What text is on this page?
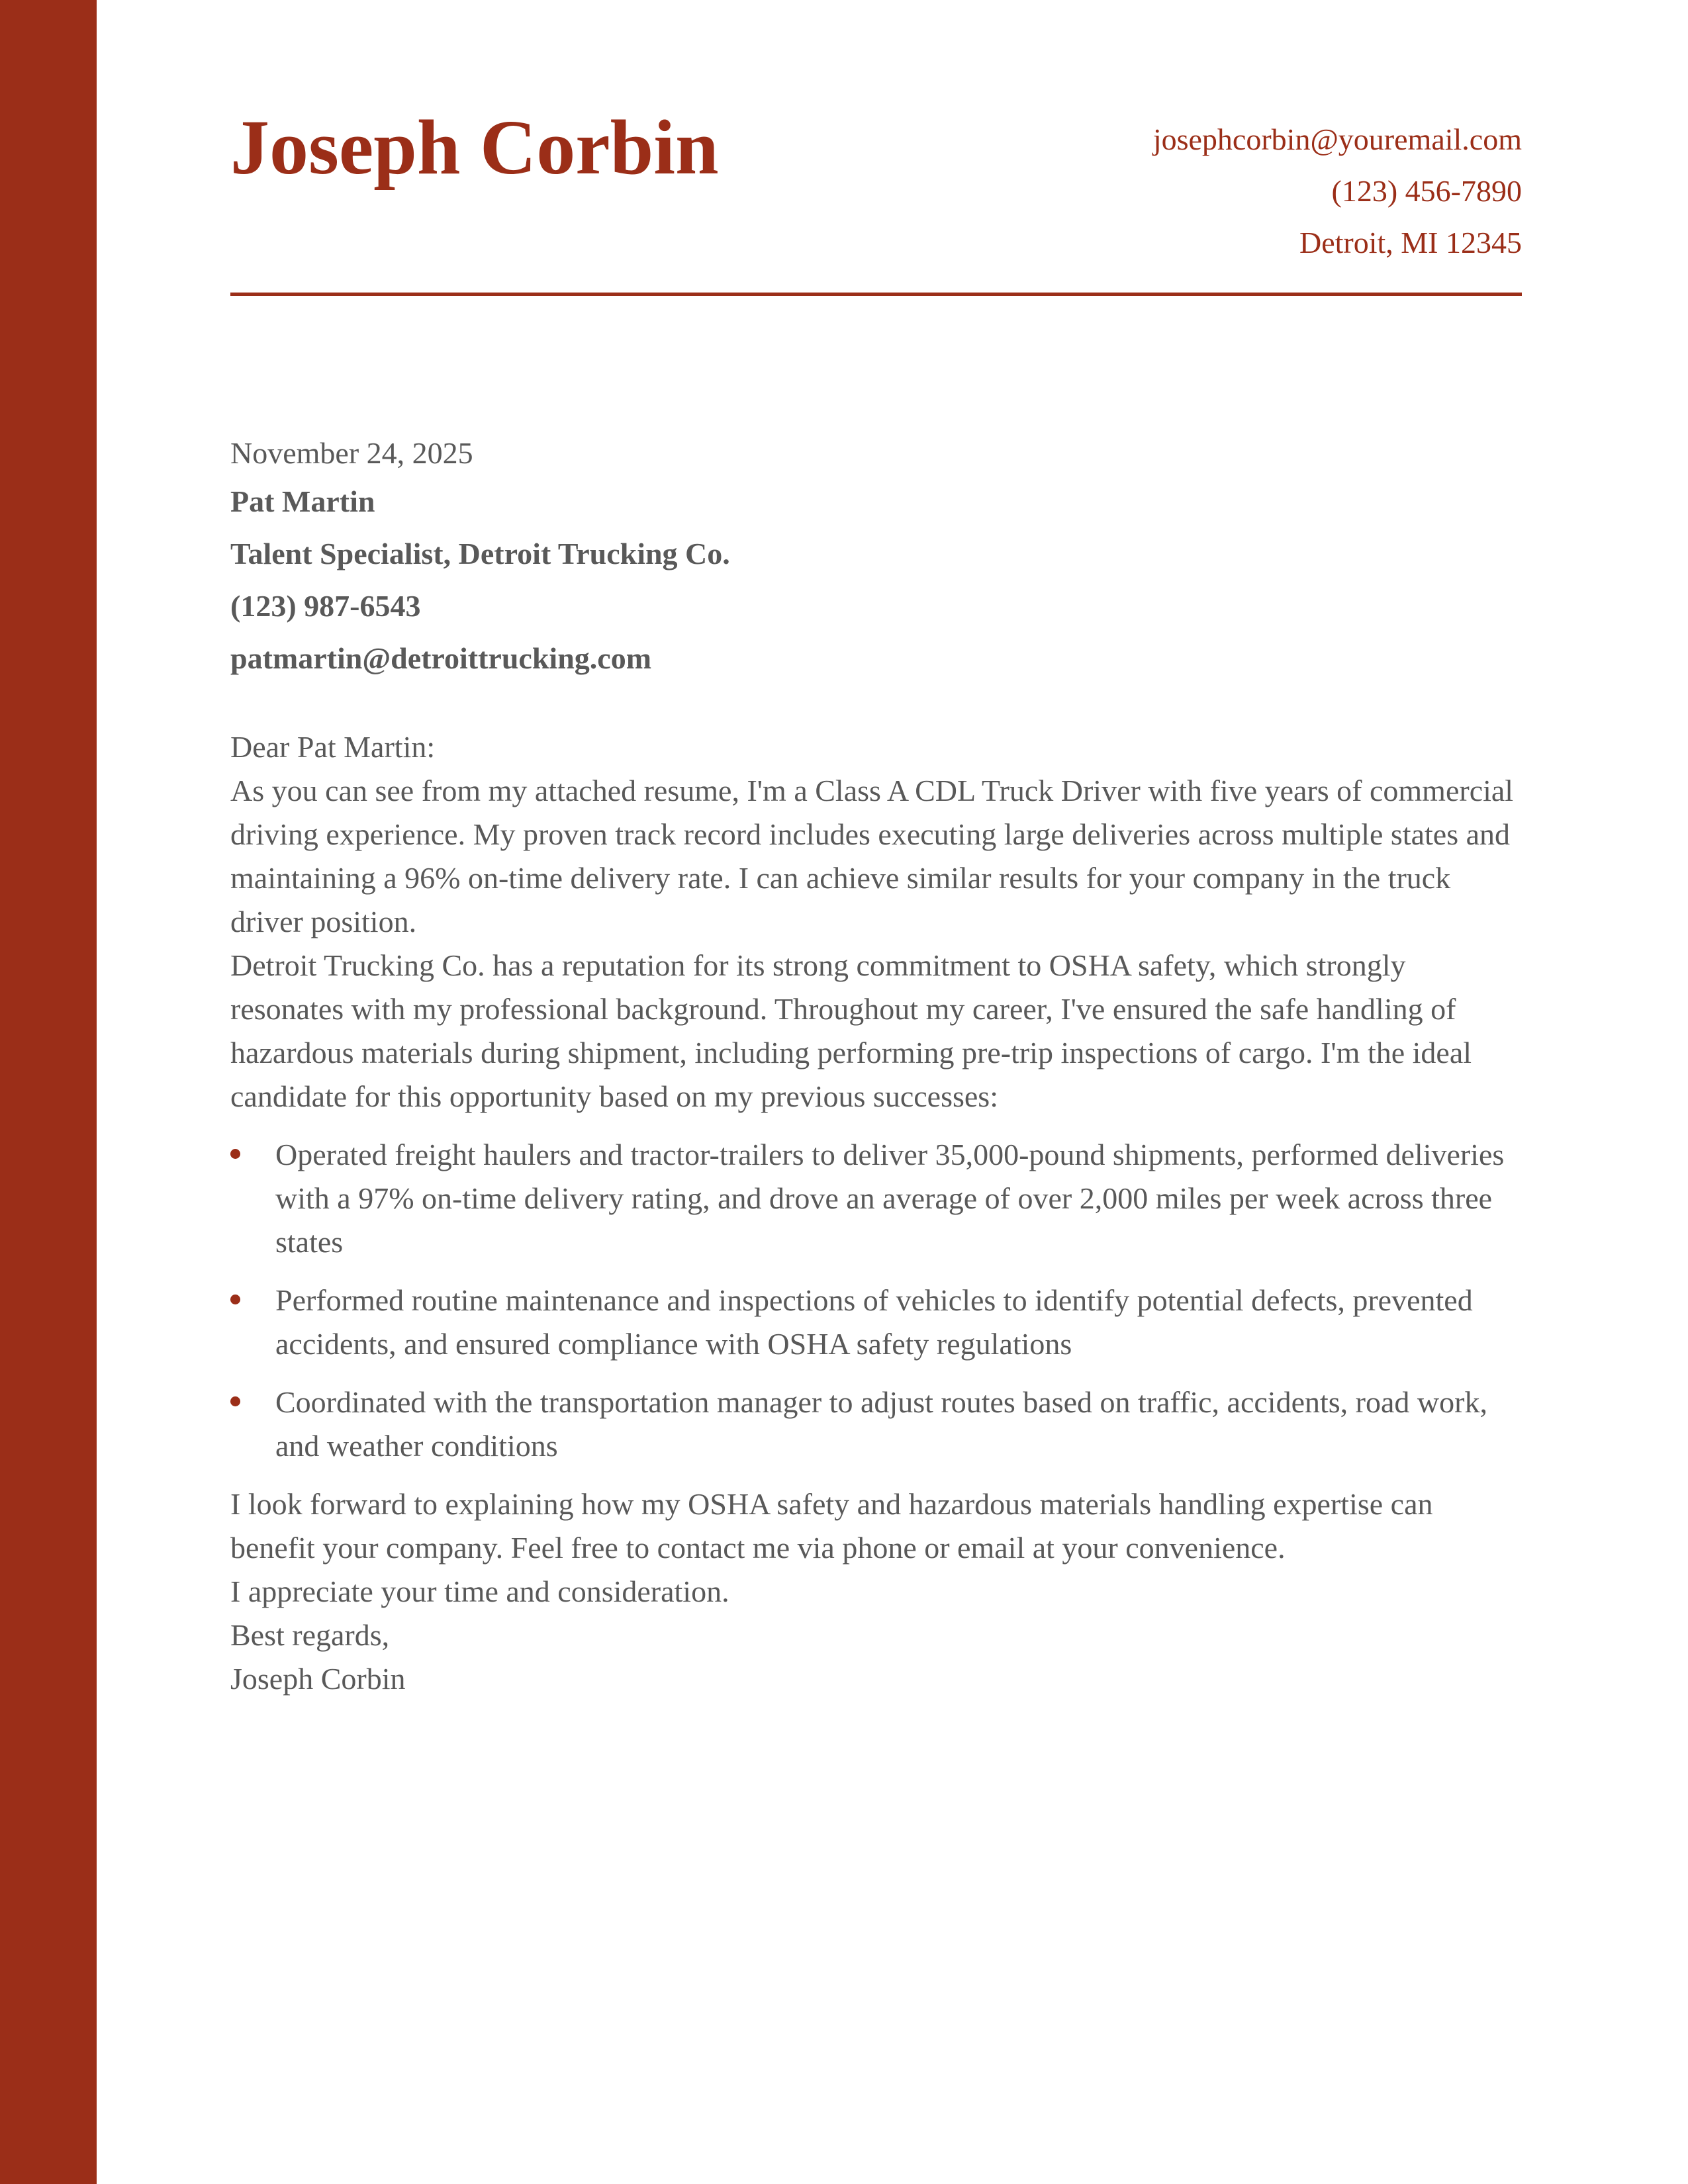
Joseph Corbin	josephcorbin@youremail.com
(123) 456-7890
Detroit, MI 12345

November 24, 2025

Pat Martin
Talent Specialist, Detroit Trucking Co.
(123) 987-6543
patmartin@detroittrucking.com

Dear Pat Martin:

As you can see from my attached resume, I'm a Class A CDL Truck Driver with five years of commercial driving experience. My proven track record includes executing large deliveries across multiple states and maintaining a 96% on-time delivery rate. I can achieve similar results for your company in the truck driver position.

Detroit Trucking Co. has a reputation for its strong commitment to OSHA safety, which strongly resonates with my professional background. Throughout my career, I've ensured the safe handling of hazardous materials during shipment, including performing pre-trip inspections of cargo. I'm the ideal candidate for this opportunity based on my previous successes:

Operated freight haulers and tractor-trailers to deliver 35,000-pound shipments, performed deliveries with a 97% on-time delivery rating, and drove an average of over 2,000 miles per week across three states
Performed routine maintenance and inspections of vehicles to identify potential defects, prevented accidents, and ensured compliance with OSHA safety regulations
Coordinated with the transportation manager to adjust routes based on traffic, accidents, road work, and weather conditions

I look forward to explaining how my OSHA safety and hazardous materials handling expertise can benefit your company. Feel free to contact me via phone or email at your convenience.

I appreciate your time and consideration.

Best regards,
Joseph Corbin
